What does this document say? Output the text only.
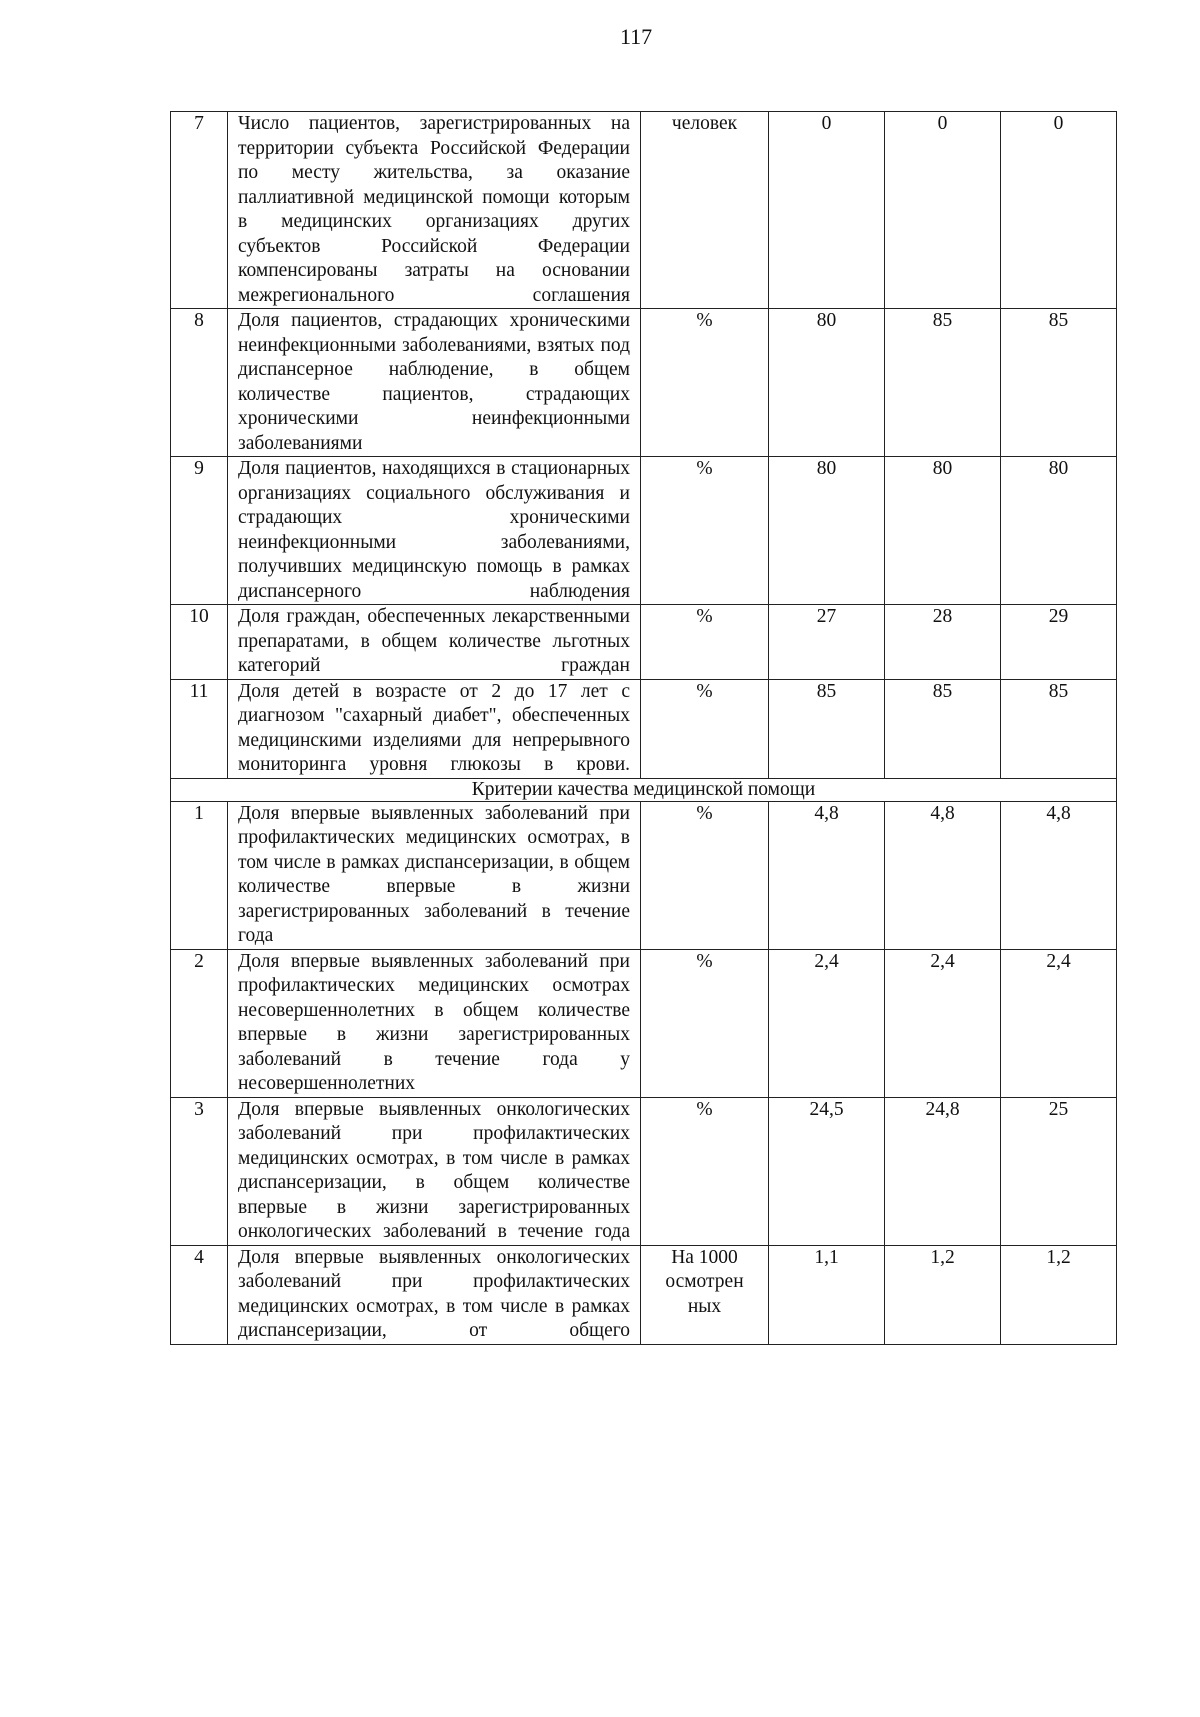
117
7	Число пациентов, зарегистрированных на территории субъекта Российской Федерации по месту жительства, за оказание паллиативной медицинской помощи которым в медицинских организациях других субъектов Российской Федерации компенсированы затраты на основании межрегионального соглашения	человек	0	0	0
8	Доля пациентов, страдающих хроническими неинфекционными заболеваниями, взятых под диспансерное наблюдение, в общем количестве пациентов, страдающих хроническими неинфекционными заболеваниями	%	80	85	85
9	Доля пациентов, находящихся в стационарных организациях социального обслуживания и страдающих хроническими неинфекционными заболеваниями, получивших медицинскую помощь в рамках диспансерного наблюдения	%	80	80	80
10	Доля граждан, обеспеченных лекарственными препаратами, в общем количестве льготных категорий граждан	%	27	28	29
11	Доля детей в возрасте от 2 до 17 лет с диагнозом "сахарный диабет", обеспеченных медицинскими изделиями для непрерывного мониторинга уровня глюкозы в крови.	%	85	85	85
Критерии качества медицинской помощи					
1	Доля впервые выявленных заболеваний при профилактических медицинских осмотрах, в том числе в рамках диспансеризации, в общем количестве впервые в жизни зарегистрированных заболеваний в течение года	%	4,8	4,8	4,8
2	Доля впервые выявленных заболеваний при профилактических медицинских осмотрах несовершеннолетних в общем количестве впервые в жизни зарегистрированных заболеваний в течение года у несовершеннолетних	%	2,4	2,4	2,4
3	Доля впервые выявленных онкологических заболеваний при профилактических медицинских осмотрах, в том числе в рамках диспансеризации, в общем количестве впервые в жизни зарегистрированных онкологических заболеваний в течение года	%	24,5	24,8	25
4	Доля впервые выявленных онкологических заболеваний при профилактических медицинских осмотрах, в том числе в рамках диспансеризации, от общего	На 1000 осмотрен ных	1,1	1,2	1,2
